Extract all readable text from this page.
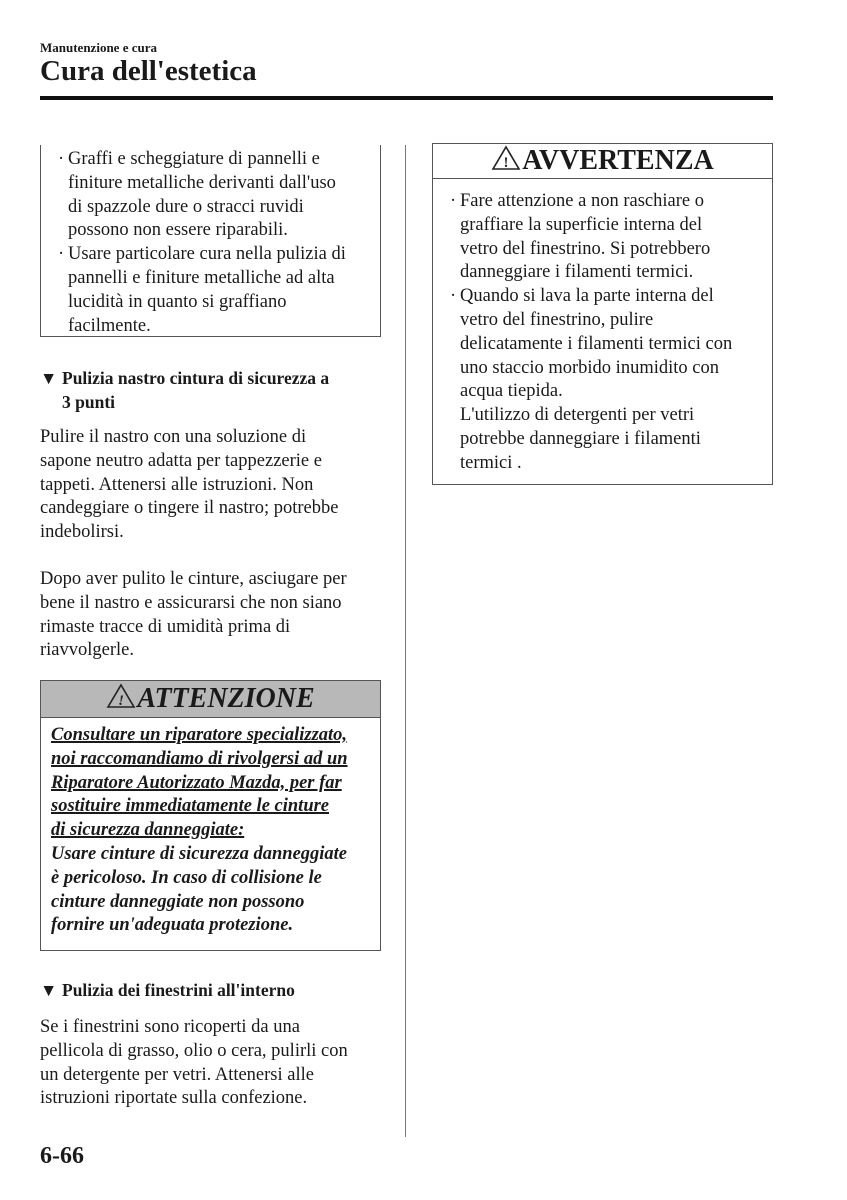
Manutenzione e cura
Cura dell'estetica
· Graffi e scheggiature di pannelli e
finiture metalliche derivanti dall'uso
di spazzole dure o stracci ruvidi
possono non essere riparabili.
· Usare particolare cura nella pulizia di
pannelli e finiture metalliche ad alta
lucidità in quanto si graffiano
facilmente.
▼ Pulizia nastro cintura di sicurezza a
3 punti
Pulire il nastro con una soluzione di
sapone neutro adatta per tappezzerie e
tappeti. Attenersi alle istruzioni. Non
candeggiare o tingere il nastro; potrebbe
indebolirsi.
Dopo aver pulito le cinture, asciugare per
bene il nastro e assicurarsi che non siano
rimaste tracce di umidità prima di
riavvolgerle.
! ATTENZIONE
Consultare un riparatore specializzato,
noi raccomandiamo di rivolgersi ad un
Riparatore Autorizzato Mazda, per far
sostituire immediatamente le cinture
di sicurezza danneggiate:
Usare cinture di sicurezza danneggiate
è pericoloso. In caso di collisione le
cinture danneggiate non possono
fornire un'adeguata protezione.
▼ Pulizia dei finestrini all'interno
Se i finestrini sono ricoperti da una
pellicola di grasso, olio o cera, pulirli con
un detergente per vetri. Attenersi alle
istruzioni riportate sulla confezione.
! AVVERTENZA
· Fare attenzione a non raschiare o
graffiare la superficie interna del
vetro del finestrino. Si potrebbero
danneggiare i filamenti termici.
· Quando si lava la parte interna del
vetro del finestrino, pulire
delicatamente i filamenti termici con
uno staccio morbido inumidito con
acqua tiepida.
L'utilizzo di detergenti per vetri
potrebbe danneggiare i filamenti
termici .
6-66
